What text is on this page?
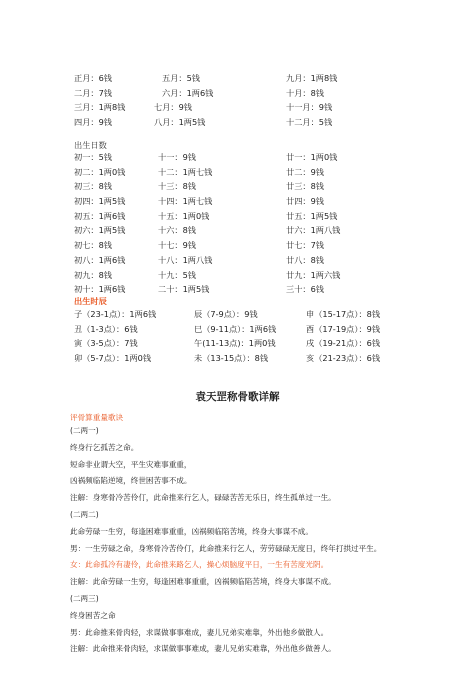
正月：6钱	五月：5钱	九月：1两8钱
二月：7钱	六月：1两6钱	十月：8钱
三月：1两8钱	七月：9钱	十一月：9钱
四月：9钱	八月：1两5钱	十二月：5钱
出生日数
初一：5钱	十一：9钱	廿一：1两0钱
初二：1两0钱	十二：1两七钱	廿二：9钱
初三：8钱	十三：8钱	廿三：8钱
初四：1两5钱	十四：1两七钱	廿四：9钱
初五：1两6钱	十五：1两0钱	廿五：1两5钱
初六：1两5钱	十六：8钱	廿六：1两八钱
初七：8钱	十七：9钱	廿七：7钱
初八：1两6钱	十八：1两八钱	廿八：8钱
初九：8钱	十九：5钱	廿九：1两六钱
初十：1两6钱	二十：1两5钱	三十：6钱
出生时辰
子（23-1点）：1两6钱	辰（7-9点）：9钱	申（15-17点）：8钱
丑（1-3点）：6钱	巳（9-11点）：1两6钱	酉（17-19点）：9钱
寅（3-5点）：7钱	午(11-13点)：1两0钱	戌（19-21点）：6钱
卯（5-7点）：1两0钱	未（13-15点）：8钱	亥（21-23点）：6钱
袁天罡称骨歌详解
评骨算重量歌诀
(二两一)
终身行乞孤苦之命。
短命非业谓大空，平生灾难事重重，
凶祸频临陷逆境，终世困苦事不成。
注解：身寒骨冷苦伶仃，此命推来行乞人，碌碌苦苦无乐日，终生孤单过一生。
(二两二)
此命劳碌一生穷，每逢困难事重重，凶祸频临陷苦境，终身大事谋不成。
男：一生劳碌之命，身寒骨冷苦伶仃，此命推来行乞人，劳劳碌碌无度日，终年打拱过平生。
女：此命孤冷有凄伶，此命推来路乞人，操心烦脑度平日，一生有苦度光阴。
注解：此命劳碌一生穷，每逢困难事重重，凶祸频临陷苦境，终身大事谋不成。
(二两三)
终身困苦之命
男：此命推来骨肉轻，求谋做事事难成，妻儿兄弟实难靠，外出他乡做散人。
注解：此命推来骨肉轻，求谋做事事难成，妻儿兄弟实难靠，外出他乡做善人。
